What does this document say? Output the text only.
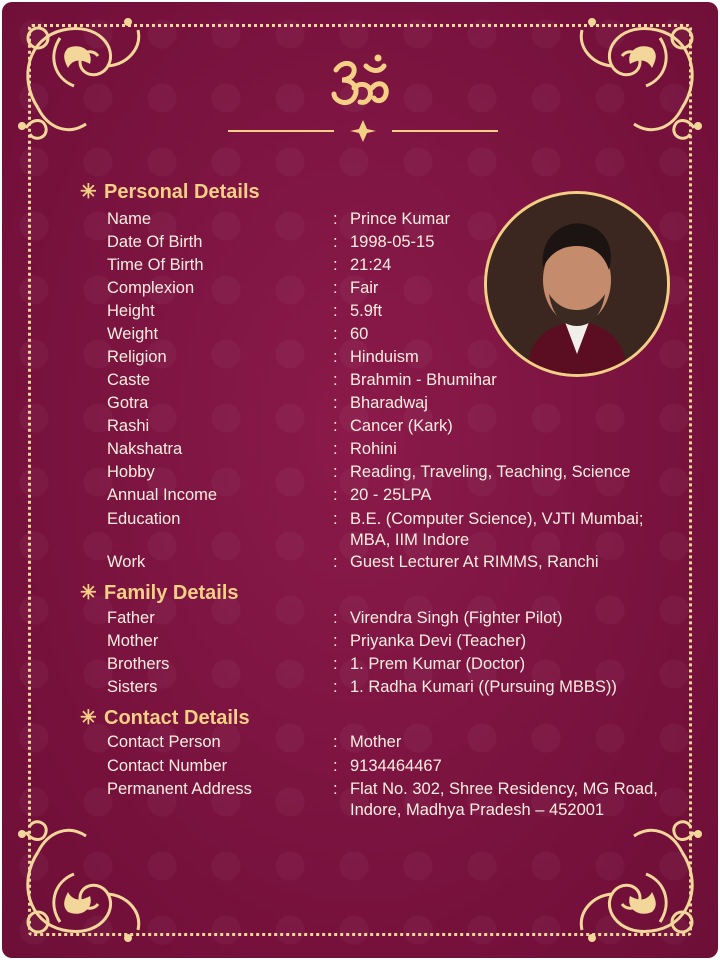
✳ Personal Details
Name	: Prince Kumar
Date Of Birth	: 1998-05-15
Time Of Birth	: 21:24
Complexion	: Fair
Height	: 5.9ft
Weight	: 60
Religion	: Hinduism
Caste	: Brahmin - Bhumihar
Gotra	: Bharadwaj
Rashi	: Cancer (Kark)
Nakshatra	: Rohini
Hobby	: Reading, Traveling, Teaching, Science
Annual Income	: 20 - 25LPA
Education	: B.E. (Computer Science), VJTI Mumbai; MBA, IIM Indore
Work	: Guest Lecturer At RIMMS, Ranchi
✳ Family Details
Father	: Virendra Singh (Fighter Pilot)
Mother	: Priyanka Devi (Teacher)
Brothers	: 1. Prem Kumar (Doctor)
Sisters	: 1. Radha Kumari ((Pursuing MBBS))
✳ Contact Details
Contact Person	: Mother
Contact Number	: 9134464467
Permanent Address	: Flat No. 302, Shree Residency, MG Road, Indore, Madhya Pradesh – 452001
